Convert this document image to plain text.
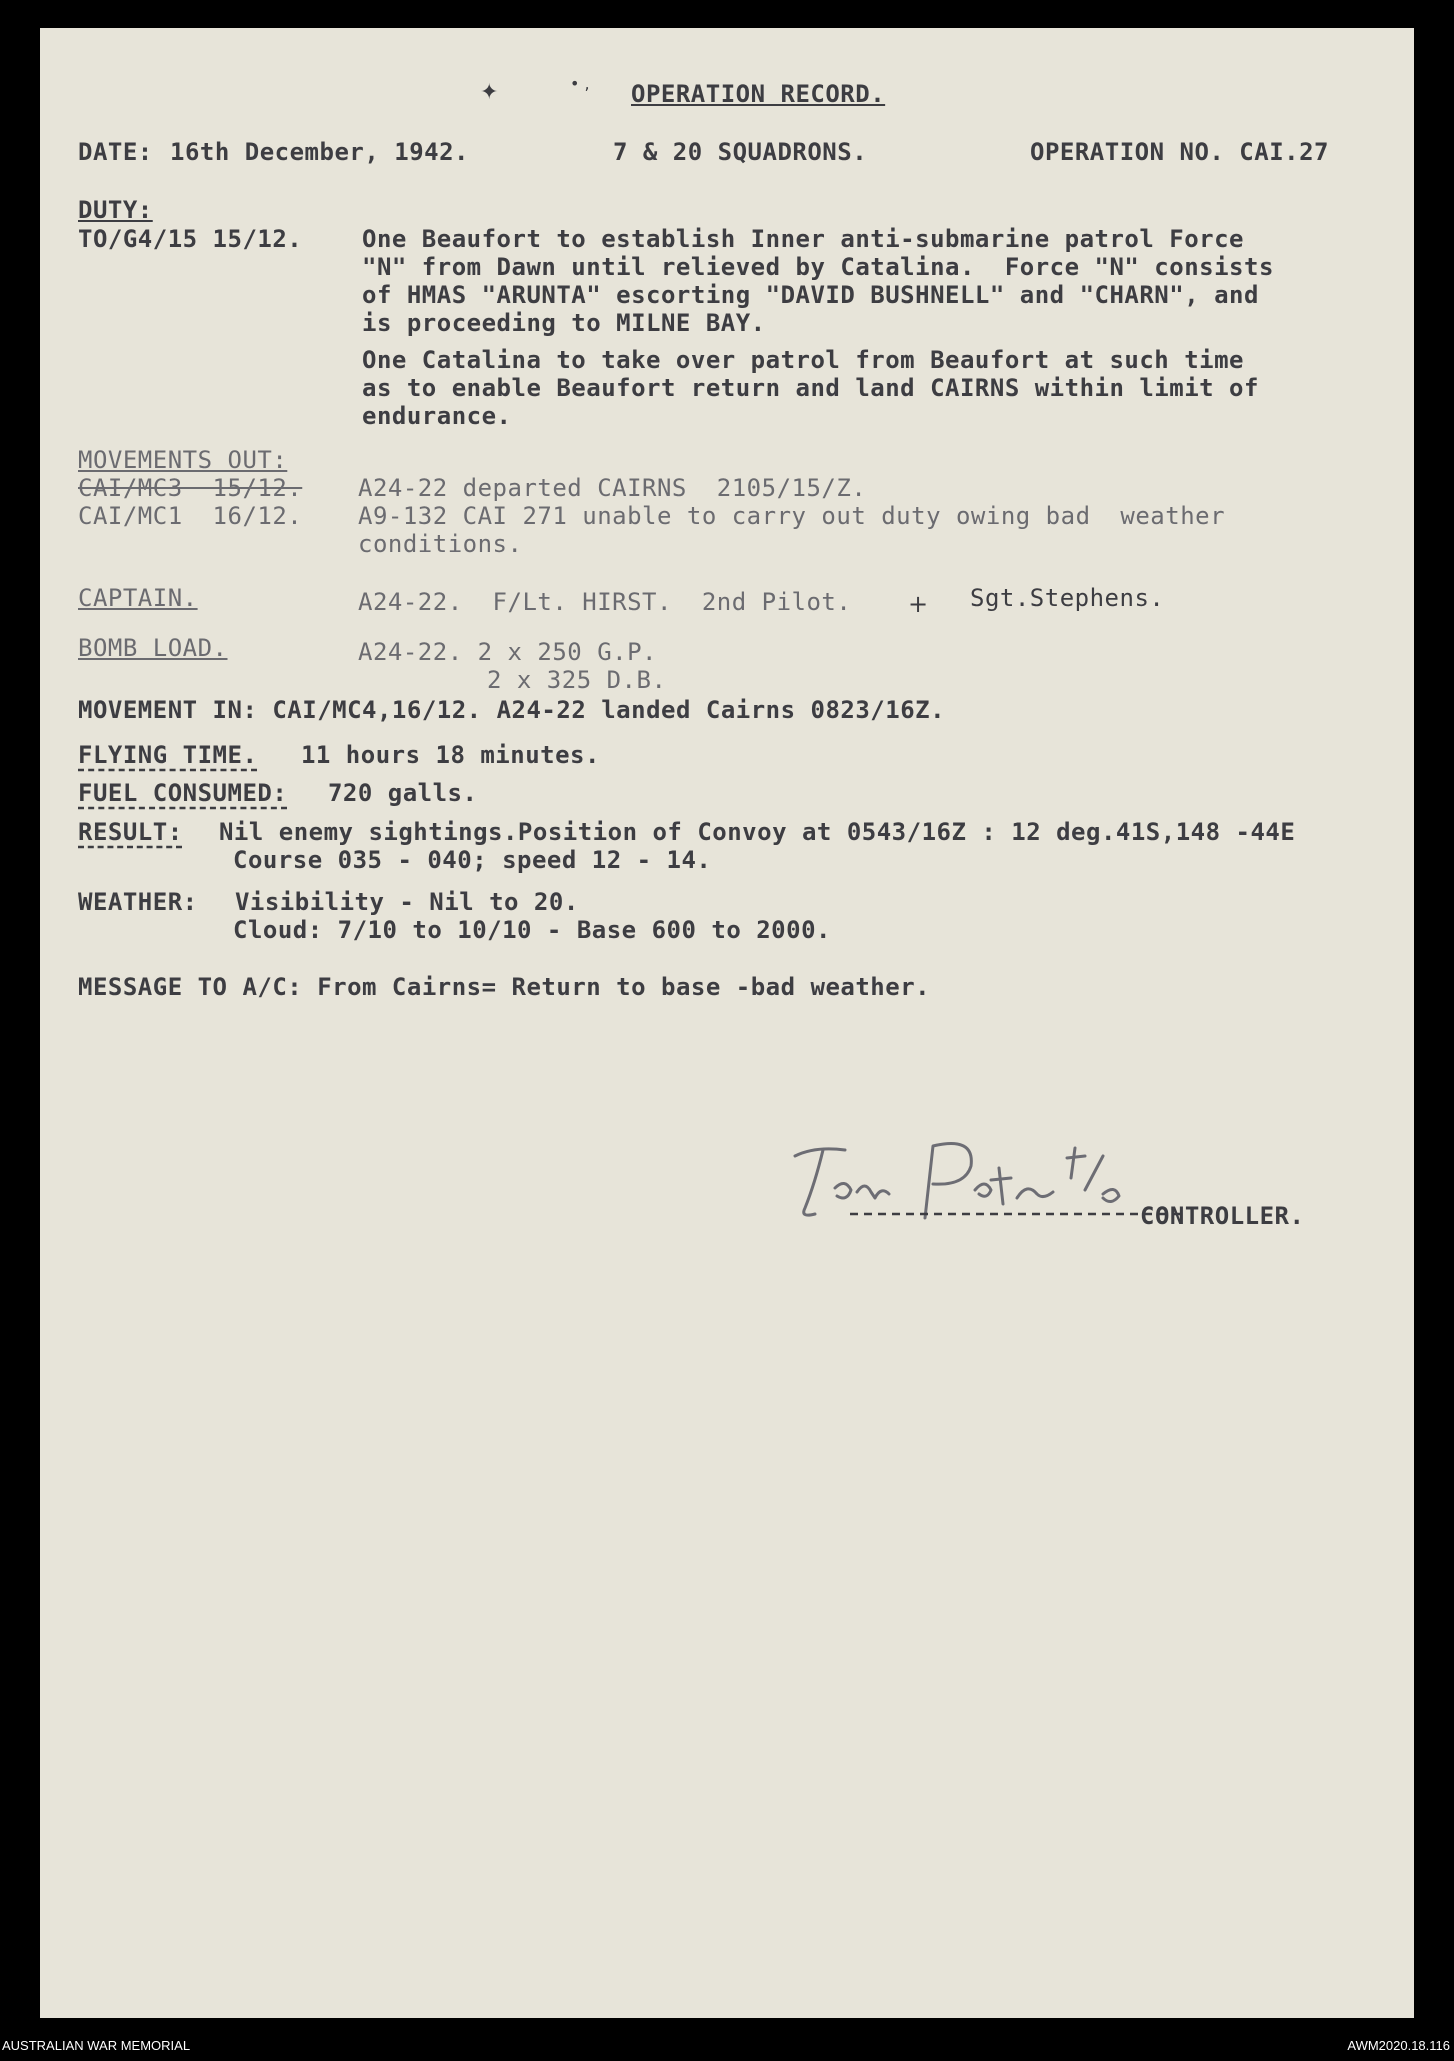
✦	• , OPERATION RECORD.
DATE: 16th December, 1942.	7 & 20 SQUADRONS.	OPERATION NO. CAI.27
DUTY:
TO/G4/15 15/12. One Beaufort to establish Inner anti-submarine patrol Force
"N" from Dawn until relieved by Catalina.  Force "N" consists
of HMAS "ARUNTA" escorting "DAVID BUSHNELL" and "CHARN", and
is proceeding to MILNE BAY.
One Catalina to take over patrol from Beaufort at such time
as to enable Beaufort return and land CAIRNS within limit of
endurance.
MOVEMENTS OUT:
CAI/MC3  15/12. A24-22 departed CAIRNS  2105/15/Z.
CAI/MC1  16/12. A9-132 CAI 271 unable to carry out duty owing bad  weather
conditions.
CAPTAIN.	A24-22.  F/Lt. HIRST.  2nd Pilot. + Sgt.Stephens.
BOMB LOAD.	A24-22. 2 x 250 G.P.
2 x 325 D.B.
MOVEMENT IN: CAI/MC4,16/12. A24-22 landed Cairns 0823/16Z.
FLYING TIME. 11 hours 18 minutes.
FUEL CONSUMED: 720 galls.
RESULT: Nil enemy sightings.Position of Convoy at 0543/16Z : 12 deg.41S,148 -44E
Course 035 - 040; speed 12 - 14.
WEATHER: Visibility - Nil to 20.
Cloud: 7/10 to 10/10 - Base 600 to 2000.
MESSAGE TO A/C: From Cairns= Return to base -bad weather.
CONTROLLER.
AUSTRALIAN WAR MEMORIAL	AWM2020.18.116
